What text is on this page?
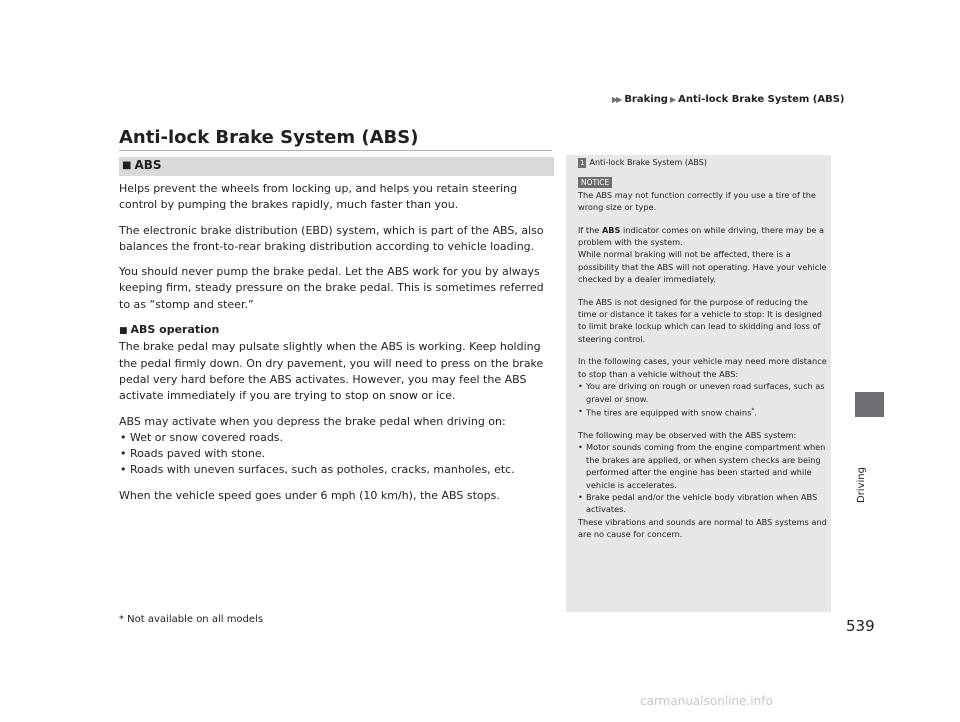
▶▶ Braking ▶ Anti-lock Brake System (ABS)
Driving
Anti-lock Brake System (ABS)
■ ABS

Helps prevent the wheels from locking up, and helps you retain steering control by pumping the brakes rapidly, much faster than you.

The electronic brake distribution (EBD) system, which is part of the ABS, also balances the front-to-rear braking distribution according to vehicle loading.

You should never pump the brake pedal. Let the ABS work for you by always keeping firm, steady pressure on the brake pedal. This is sometimes referred to as “stomp and steer.”

■ ABS operation

The brake pedal may pulsate slightly when the ABS is working. Keep holding the pedal firmly down. On dry pavement, you will need to press on the brake pedal very hard before the ABS activates. However, you may feel the ABS activate immediately if you are trying to stop on snow or ice.

ABS may activate when you depress the brake pedal when driving on:

• Wet or snow covered roads.
• Roads paved with stone.
• Roads with uneven surfaces, such as potholes, cracks, manholes, etc.

When the vehicle speed goes under 6 mph (10 km/h), the ABS stops.

1 Anti-lock Brake System (ABS)
NOTICE

The ABS may not function correctly if you use a tire of the wrong size or type.

If the ABS indicator comes on while driving, there may be a problem with the system.

While normal braking will not be affected, there is a possibility that the ABS will not operating. Have your vehicle checked by a dealer immediately.

The ABS is not designed for the purpose of reducing the time or distance it takes for a vehicle to stop: It is designed to limit brake lockup which can lead to skidding and loss of steering control.

In the following cases, your vehicle may need more distance to stop than a vehicle without the ABS:

• You are driving on rough or uneven road surfaces, such as gravel or snow.
• The tires are equipped with snow chains*.

The following may be observed with the ABS system:

• Motor sounds coming from the engine compartment when the brakes are applied, or when system checks are being performed after the engine has been started and while vehicle is accelerates.
• Brake pedal and/or the vehicle body vibration when ABS activates.

These vibrations and sounds are normal to ABS systems and are no cause for concern.

* Not available on all models	539
carmanualsonline.info
